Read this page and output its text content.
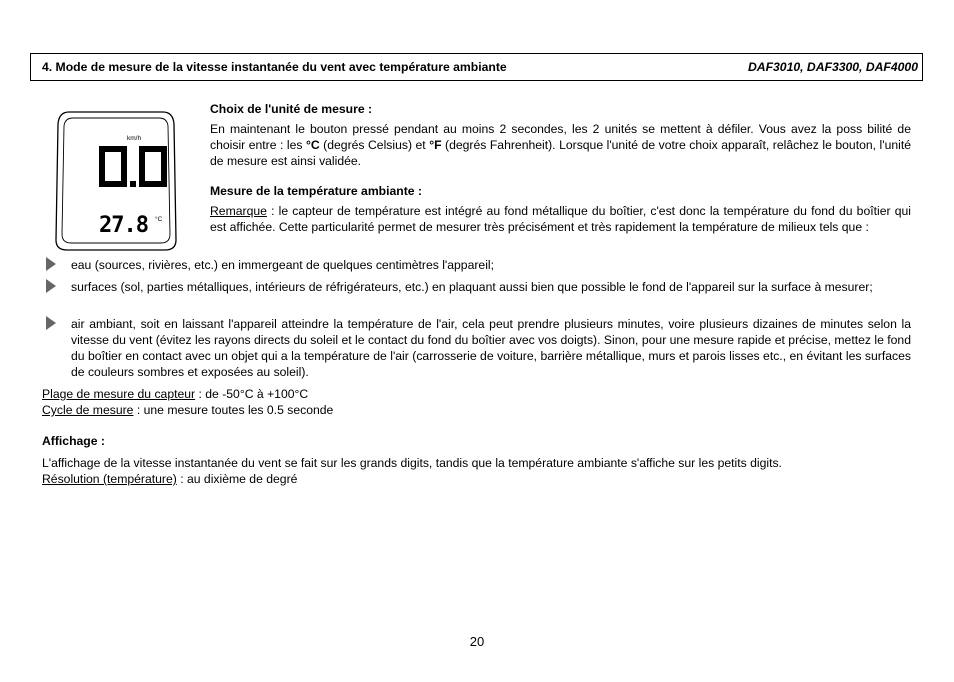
4. Mode de mesure de la vitesse instantanée du vent avec température ambiante	DAF3010, DAF3300, DAF4000
km/h
27.8 °C

Choix de l'unité de mesure :

En maintenant le bouton pressé pendant au moins 2 secondes, les 2 unités se mettent à défiler. Vous avez la poss bilité de choisir entre : les °C (degrés Celsius) et °F (degrés Fahrenheit). Lorsque l'unité de votre choix apparaît, relâchez le bouton, l'unité de mesure est ainsi validée.

Mesure de la température ambiante :

Remarque : le capteur de température est intégré au fond métallique du boîtier, c'est donc la température du fond du boîtier qui est affichée. Cette particularité permet de mesurer très précisément et très rapidement la température de milieux tels que :

eau (sources, rivières, etc.) en immergeant de quelques centimètres l'appareil;
surfaces (sol, parties métalliques, intérieurs de réfrigérateurs, etc.) en plaquant aussi bien que possible le fond de l'appareil sur la surface à mesurer;
air ambiant, soit en laissant l'appareil atteindre la température de l'air, cela peut prendre plusieurs minutes, voire plusieurs dizaines de minutes selon la vitesse du vent (évitez les rayons directs du soleil et le contact du fond du boîtier avec vos doigts). Sinon, pour une mesure rapide et précise, mettez le fond du boîtier en contact avec un objet qui a la température de l'air (carrosserie de voiture, barrière métallique, murs et parois lisses etc., en évitant les surfaces de couleurs sombres et exposées au soleil).

Plage de mesure du capteur : de -50°C à +100°C

Cycle de mesure : une mesure toutes les 0.5 seconde

Affichage :

L'affichage de la vitesse instantanée du vent se fait sur les grands digits, tandis que la température ambiante s'affiche sur les petits digits.

Résolution (température) : au dixième de degré

20
